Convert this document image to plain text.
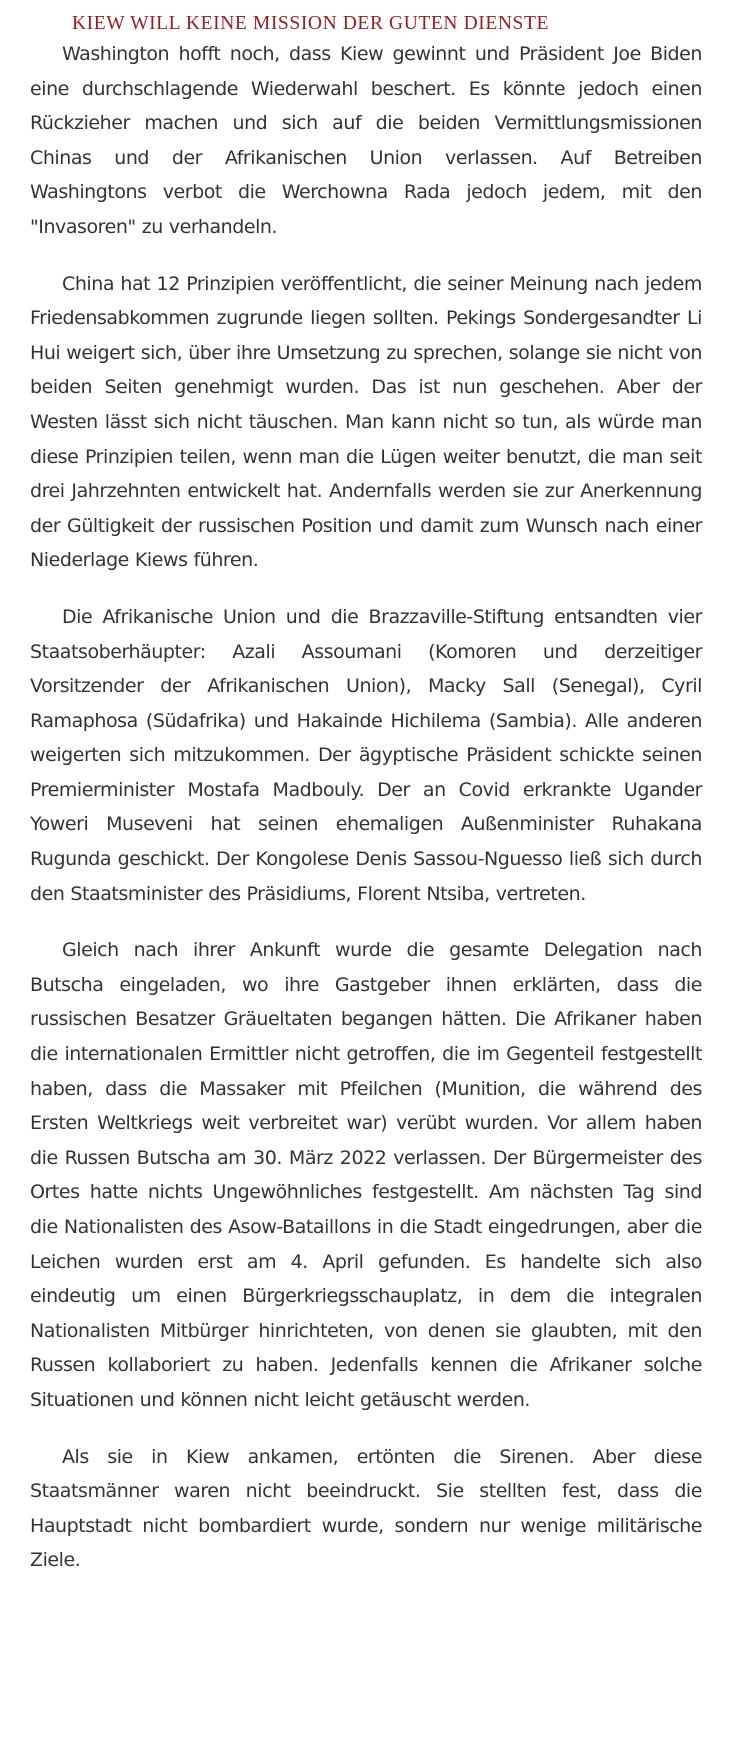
KIEW WILL KEINE MISSION DER GUTEN DIENSTE

Washington hofft noch, dass Kiew gewinnt und Präsident Joe Biden eine durchschlagende Wiederwahl beschert. Es könnte jedoch einen Rückzieher machen und sich auf die beiden Vermittlungsmissionen Chinas und der Afrikanischen Union verlassen. Auf Betreiben Washingtons verbot die Werchowna Rada jedoch jedem, mit den "Invasoren" zu verhandeln.

China hat 12 Prinzipien veröffentlicht, die seiner Meinung nach jedem Friedensabkommen zugrunde liegen sollten. Pekings Sondergesandter Li Hui weigert sich, über ihre Umsetzung zu sprechen, solange sie nicht von beiden Seiten genehmigt wurden. Das ist nun geschehen. Aber der Westen lässt sich nicht täuschen. Man kann nicht so tun, als würde man diese Prinzipien teilen, wenn man die Lügen weiter benutzt, die man seit drei Jahrzehnten entwickelt hat. Andernfalls werden sie zur Anerkennung der Gültigkeit der russischen Position und damit zum Wunsch nach einer Niederlage Kiews führen.

Die Afrikanische Union und die Brazzaville-Stiftung entsandten vier Staatsoberhäupter: Azali Assoumani (Komoren und derzeitiger Vorsitzender der Afrikanischen Union), Macky Sall (Senegal), Cyril Ramaphosa (Südafrika) und Hakainde Hichilema (Sambia). Alle anderen weigerten sich mitzukommen. Der ägyptische Präsident schickte seinen Premierminister Mostafa Madbouly. Der an Covid erkrankte Ugander Yoweri Museveni hat seinen ehemaligen Außenminister Ruhakana Rugunda geschickt. Der Kongolese Denis Sassou-Nguesso ließ sich durch den Staatsminister des Präsidiums, Florent Ntsiba, vertreten.

Gleich nach ihrer Ankunft wurde die gesamte Delegation nach Butscha eingeladen, wo ihre Gastgeber ihnen erklärten, dass die russischen Besatzer Gräueltaten begangen hätten. Die Afrikaner haben die internationalen Ermittler nicht getroffen, die im Gegenteil festgestellt haben, dass die Massaker mit Pfeilchen (Munition, die während des Ersten Weltkriegs weit verbreitet war) verübt wurden. Vor allem haben die Russen Butscha am 30. März 2022 verlassen. Der Bürgermeister des Ortes hatte nichts Ungewöhnliches festgestellt. Am nächsten Tag sind die Nationalisten des Asow-Bataillons in die Stadt eingedrungen, aber die Leichen wurden erst am 4. April gefunden. Es handelte sich also eindeutig um einen Bürgerkriegsschauplatz, in dem die integralen Nationalisten Mitbürger hinrichteten, von denen sie glaubten, mit den Russen kollaboriert zu haben. Jedenfalls kennen die Afrikaner solche Situationen und können nicht leicht getäuscht werden.

Als sie in Kiew ankamen, ertönten die Sirenen. Aber diese Staatsmänner waren nicht beeindruckt. Sie stellten fest, dass die Hauptstadt nicht bombardiert wurde, sondern nur wenige militärische Ziele.
